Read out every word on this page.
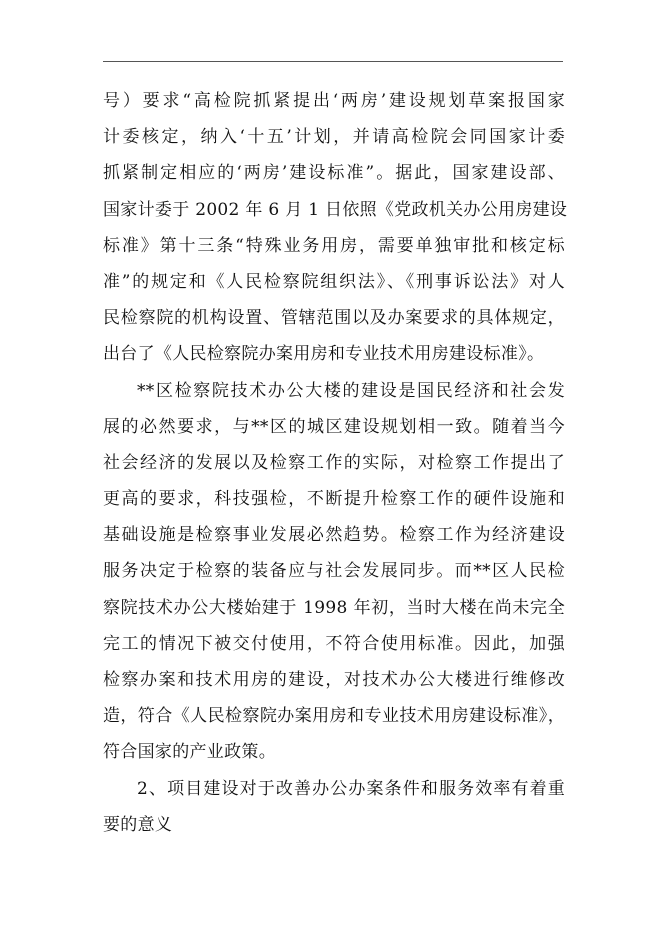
号）要求“高检院抓紧提出‘两房’建设规划草案报国家
计委核定，纳入‘十五’计划，并请高检院会同国家计委
抓紧制定相应的‘两房’建设标准”。据此，国家建设部、
国家计委于 2002 年 6 月 1 日依照《党政机关办公用房建设
标准》第十三条“特殊业务用房，需要单独审批和核定标
准”的规定和《人民检察院组织法》、《刑事诉讼法》对人
民检察院的机构设置、管辖范围以及办案要求的具体规定，
出台了《人民检察院办案用房和专业技术用房建设标准》。
**区检察院技术办公大楼的建设是国民经济和社会发
展的必然要求，与**区的城区建设规划相一致。随着当今
社会经济的发展以及检察工作的实际，对检察工作提出了
更高的要求，科技强检，不断提升检察工作的硬件设施和
基础设施是检察事业发展必然趋势。检察工作为经济建设
服务决定于检察的装备应与社会发展同步。而**区人民检
察院技术办公大楼始建于 1998 年初，当时大楼在尚未完全
完工的情况下被交付使用，不符合使用标准。因此，加强
检察办案和技术用房的建设，对技术办公大楼进行维修改
造，符合《人民检察院办案用房和专业技术用房建设标准》，
符合国家的产业政策。
2、项目建设对于改善办公办案条件和服务效率有着重
要的意义
